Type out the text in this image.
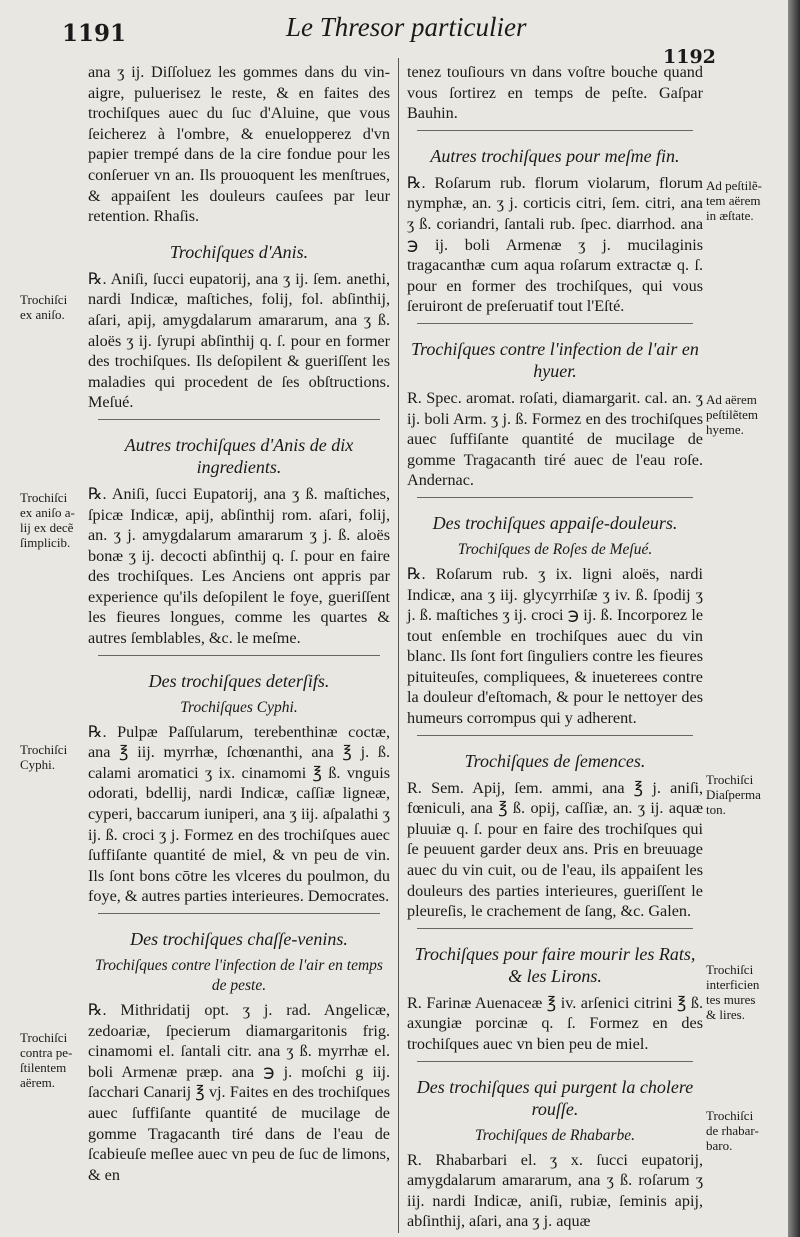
1191	Le Thresor particulier
1192

ana ʒ ij. Diſſoluez les gommes dans du vin-aigre, puluerisez le reste, & en faites des trochiſques auec du ſuc d'Aluine, que vous ſeicherez à l'ombre, & enuelopperez d'vn papier trempé dans de la cire fondue pour les conſeruer vn an. Ils prouoquent les menſtrues, & appaiſent les douleurs cauſees par leur retention. Rhaſis.

Trochiſques d'Anis.

℞. Aniſi, ſucci eupatorij, ana ʒ ij. ſem. anethi, nardi Indicæ, maſtiches, folij, fol. abſinthij, aſari, apij, amygdalarum amararum, ana ʒ ß. aloës ʒ ij. ſyrupi abſinthij q. ſ. pour en former des trochiſques. Ils deſopilent & gueriſſent les maladies qui procedent de ſes obſtructions. Meſué.

Autres trochiſques d'Anis de dix ingredients.

℞. Aniſi, ſucci Eupatorij, ana ʒ ß. maſtiches, ſpicæ Indicæ, apij, abſinthij rom. aſari, folij, an. ʒ j. amygdalarum amararum ʒ j. ß. aloës bonæ ʒ ij. decocti abſinthij q. ſ. pour en faire des trochiſques. Les Anciens ont appris par experience qu'ils deſopilent le foye, gueriſſent les fieures longues, comme les quartes & autres ſemblables, &c. le meſme.

Des trochiſques deterſifs.
Trochiſques Cyphi.

℞. Pulpæ Paſſularum, terebenthinæ coctæ, ana ℥ iij. myrrhæ, ſchœnanthi, ana ℥ j. ß. calami aromatici ʒ ix. cinamomi ℥ ß. vnguis odorati, bdellij, nardi Indicæ, caſſiæ ligneæ, cyperi, baccarum iuniperi, ana ʒ iij. aſpalathi ʒ ij. ß. croci ʒ j. Formez en des trochiſques auec ſuffiſante quantité de miel, & vn peu de vin. Ils ſont bons cōtre les vlceres du poulmon, du foye, & autres parties interieures. Democrates.

Des trochiſques chaſſe-venins.
Trochiſques contre l'infection de l'air en temps de peste.

℞. Mithridatij opt. ʒ j. rad. Angelicæ, zedoariæ, ſpecierum diamargaritonis frig. cinamomi el. ſantali citr. ana ʒ ß. myrrhæ el. boli Armenæ præp. ana ℈ j. moſchi g iij. ſacchari Canarij ℥ vj. Faites en des trochiſques auec ſuffiſante quantité de mucilage de gomme Tragacanth tiré dans de l'eau de ſcabieuſe meſlee auec vn peu de ſuc de limons, & en

tenez touſiours vn dans voſtre bouche quand vous ſortirez en temps de peſte. Gaſpar Bauhin.

Autres trochiſques pour meſme fin.

℞. Roſarum rub. florum violarum, florum nymphæ, an. ʒ j. corticis citri, ſem. citri, ana ʒ ß. coriandri, ſantali rub. ſpec. diarrhod. ana ℈ ij. boli Armenæ ʒ j. mucilaginis tragacanthæ cum aqua roſarum extractæ q. ſ. pour en former des trochiſques, qui vous ſeruiront de preſeruatif tout l'Eſté.

Trochiſques contre l'infection de l'air en hyuer.

R. Spec. aromat. roſati, diamargarit. cal. an. ʒ ij. boli Arm. ʒ j. ß. Formez en des trochiſques auec ſuffiſante quantité de mucilage de gomme Tragacanth tiré auec de l'eau roſe. Andernac.

Des trochiſques appaiſe-douleurs.
Trochiſques de Roſes de Meſué.

℞. Roſarum rub. ʒ ix. ligni aloës, nardi Indicæ, ana ʒ iij. glycyrrhiſæ ʒ iv. ß. ſpodij ʒ j. ß. maſtiches ʒ ij. croci ℈ ij. ß. Incorporez le tout enſemble en trochiſques auec du vin blanc. Ils ſont fort ſinguliers contre les fieures pituiteuſes, compliquees, & inueterees contre la douleur d'eſtomach, & pour le nettoyer des humeurs corrompus qui y adherent.

Trochiſques de ſemences.

R. Sem. Apij, ſem. ammi, ana ℥ j. aniſi, fœniculi, ana ℥ ß. opij, caſſiæ, an. ʒ ij. aquæ pluuiæ q. ſ. pour en faire des trochiſques qui ſe peuuent garder deux ans. Pris en breuuage auec du vin cuit, ou de l'eau, ils appaiſent les douleurs des parties interieures, gueriſſent le pleureſis, le crachement de ſang, &c. Galen.

Trochiſques pour faire mourir les Rats, & les Lirons.

R. Farinæ Auenaceæ ℥ iv. arſenici citrini ℥ ß. axungiæ porcinæ q. ſ. Formez en des trochiſques auec vn bien peu de miel.

Des trochiſques qui purgent la cholere rouſſe.
Trochiſques de Rhabarbe.

R. Rhabarbari el. ʒ x. ſucci eupatorij, amygdalarum amararum, ana ʒ ß. roſarum ʒ iij. nardi Indicæ, aniſi, rubiæ, ſeminis apij, abſinthij, aſari, ana ʒ j. aquæ

Trochiſci
ex aniſo.
Trochiſci
ex aniſo a-
lij ex decẽ
ſimplicib.
Trochiſci
Cyphi.
Trochiſci
contra pe-
ſtilentem
aërem.
Ad peſtilẽ-
tem aërem
in æſtate.
Ad aërem
peſtilẽtem
hyeme.
Trochiſci
Diaſperma
ton.
Trochiſci
interficien
tes mures
& lires.
Trochiſci
de rhabar-
baro.
